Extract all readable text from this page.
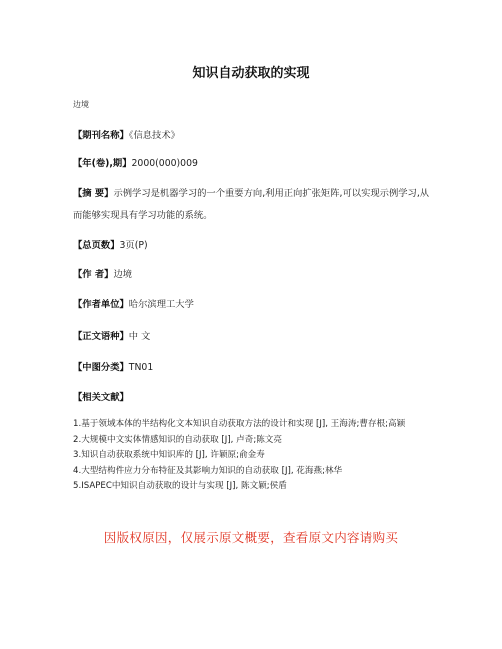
知识自动获取的实现
边境
【期刊名称】《信息技术》
【年(卷),期】2000(000)009
【摘 要】示例学习是机器学习的一个重要方向,利用正向扩张矩阵,可以实现示例学习,从而能够实现具有学习功能的系统。
【总页数】3页(P)
【作 者】边境
【作者单位】哈尔滨理工大学
【正文语种】中 文
【中图分类】TN01
【相关文献】

1.基于领域本体的半结构化文本知识自动获取方法的设计和实现 [J], 王海涛;曹存根;高颖

2.大规模中文实体情感知识的自动获取 [J], 卢奇;陈文亮

3.知识自动获取系统中知识库的 [J], 许颖原;俞金寿

4.大型结构件应力分布特征及其影响力知识的自动获取 [J], 花海燕;林华

5.ISAPEC中知识自动获取的设计与实现 [J], 陈文颖;侯盾

因版权原因，仅展示原文概要，查看原文内容请购买
